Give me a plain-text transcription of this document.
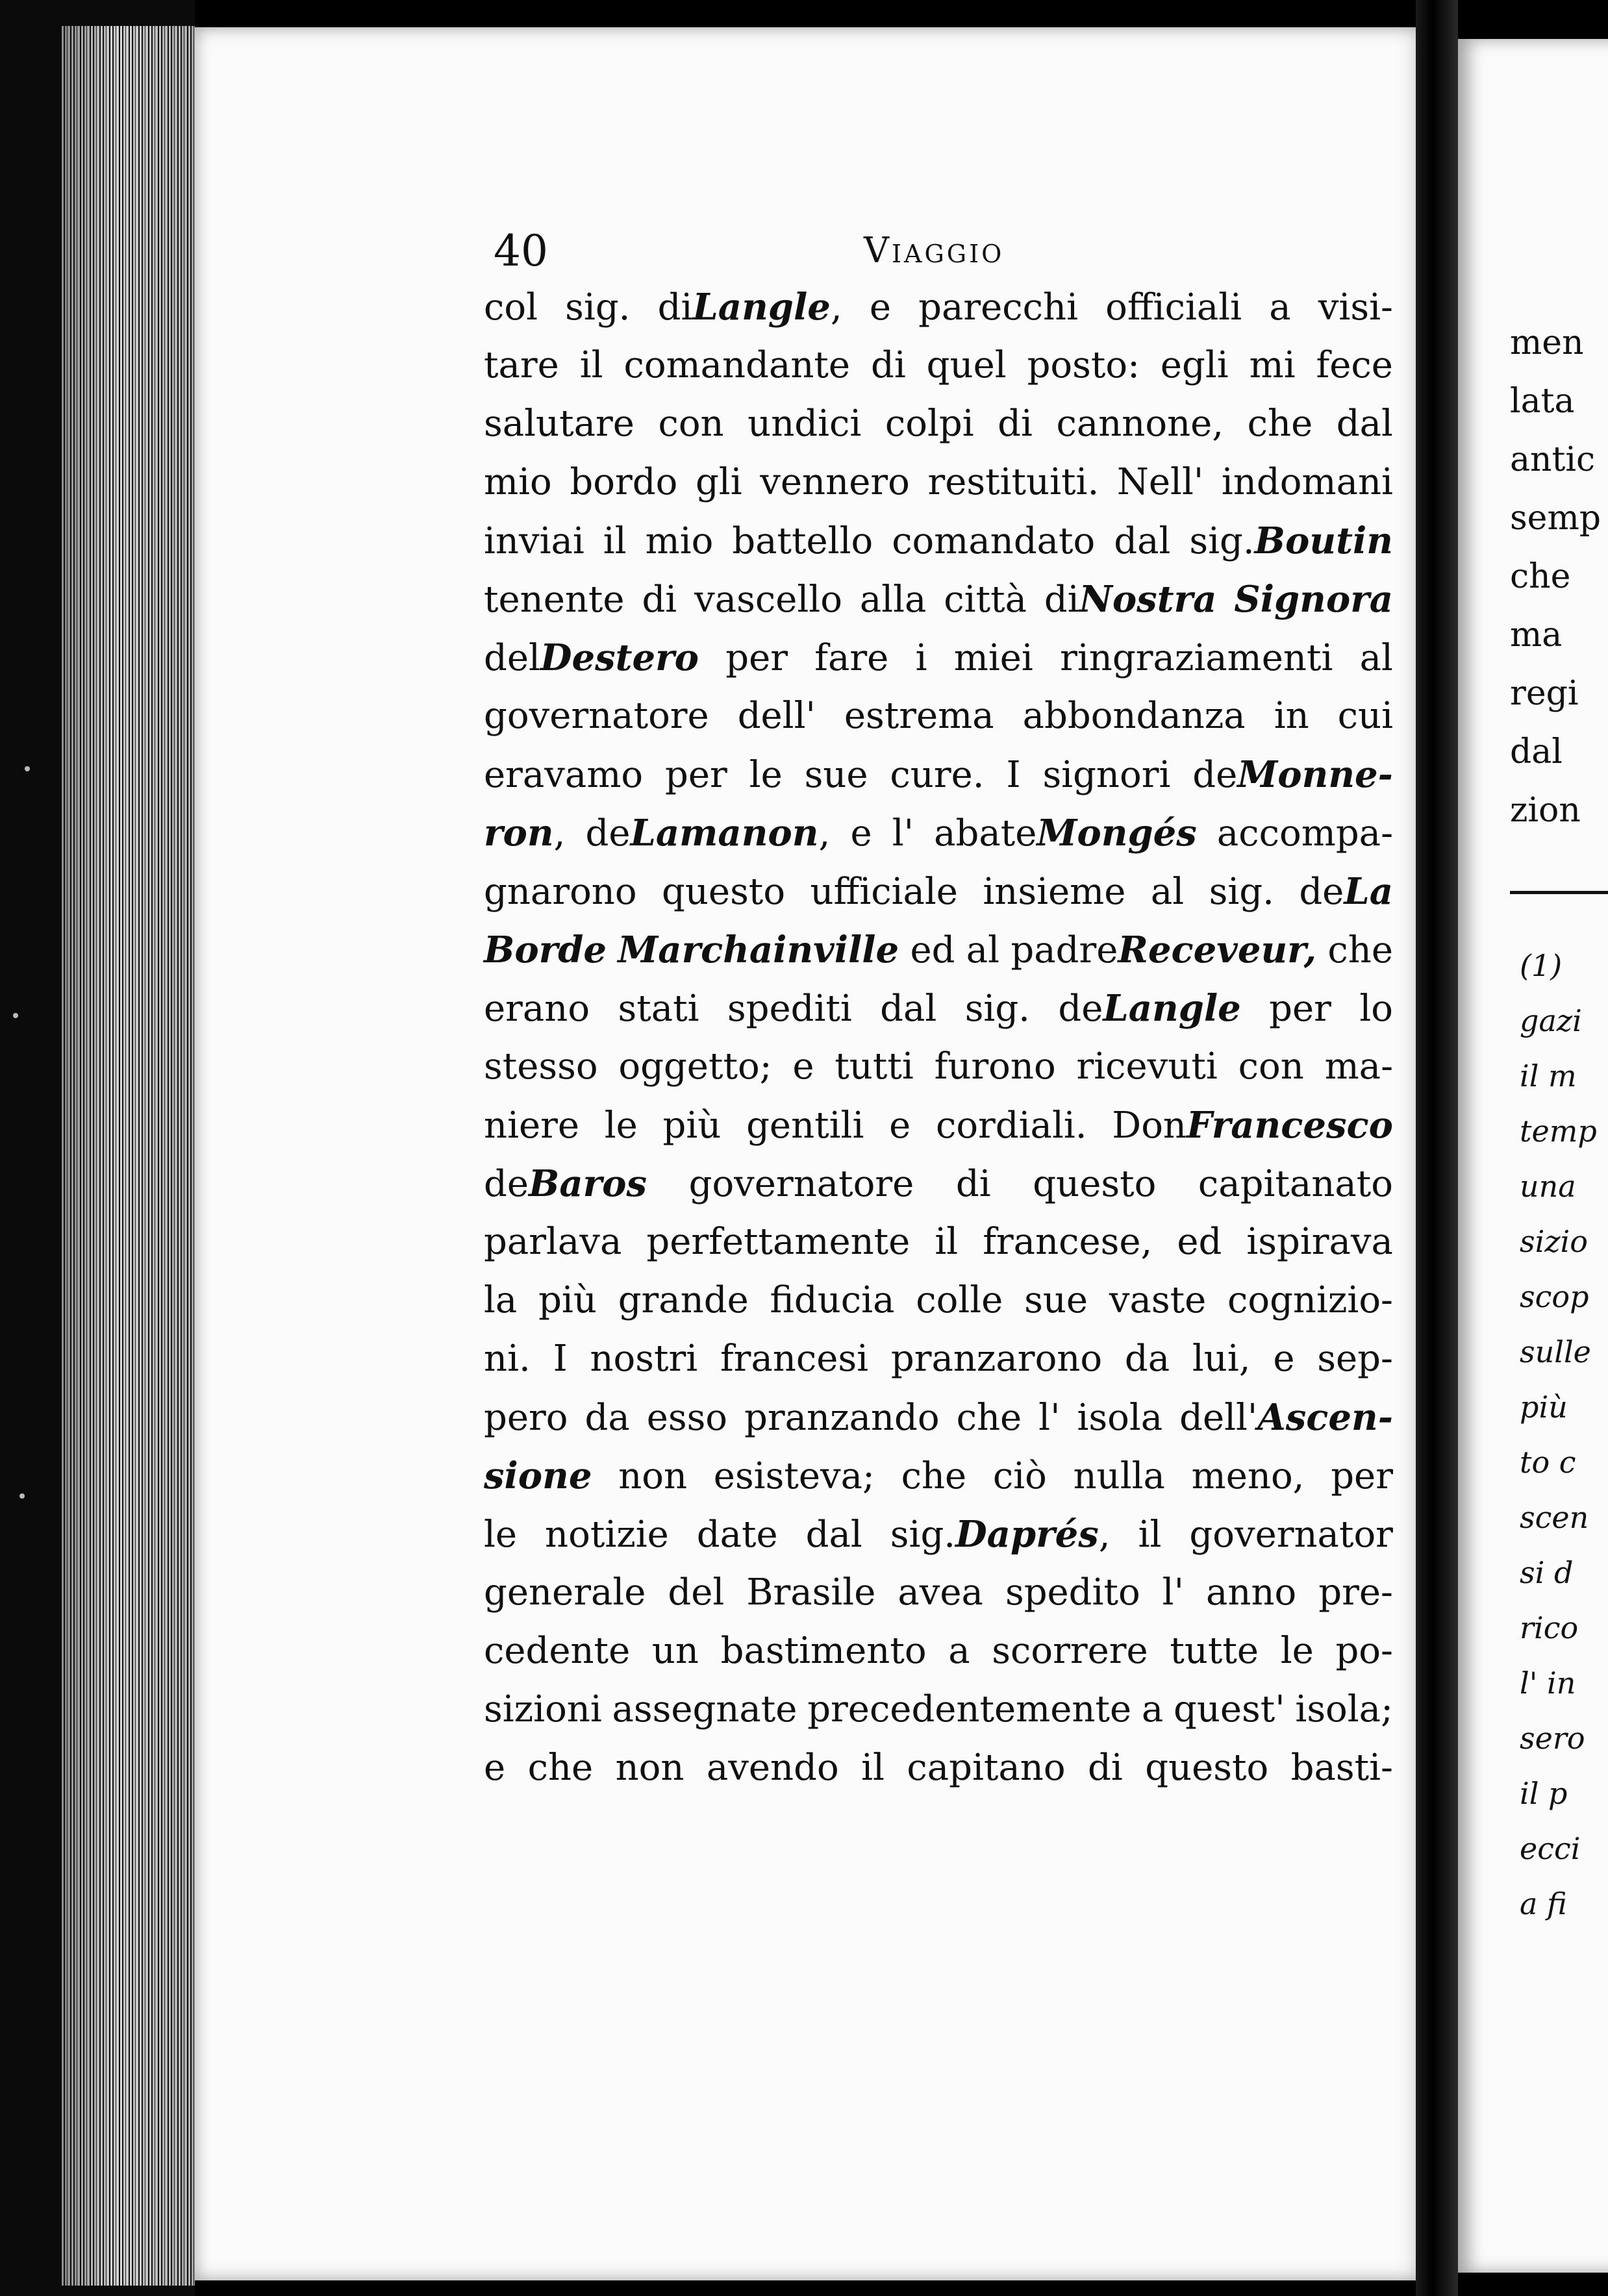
men
lata
antic
semp
che
ma
regi
dal
zion
(1)
gazi
il m
temp
una
sizio
scop
sulle
più
to c
scen
si d
rico
l' in
sero
il p
ecci
a fi
40	Viaggio
col sig. diLangle, e parecchi officiali a visi-
tare il comandante di quel posto: egli mi fece
salutare con undici colpi di cannone, che dal
mio bordo gli vennero restituiti. Nell' indomani
inviai il mio battello comandato dal sig.Boutin
tenente di vascello alla città diNostra Signora
delDestero per fare i miei ringraziamenti al
governatore dell' estrema abbondanza in cui
eravamo per le sue cure. I signori deMonne-
ron, deLamanon, e l' abateMongés accompa-
gnarono questo ufficiale insieme al sig. deLa
Borde Marchainville ed al padreReceveur, che
erano stati spediti dal sig. deLangle per lo
stesso oggetto; e tutti furono ricevuti con ma-
niere le più gentili e cordiali. DonFrancesco
deBaros governatore di questo capitanato
parlava perfettamente il francese, ed ispirava
la più grande fiducia colle sue vaste cognizio-
ni. I nostri francesi pranzarono da lui, e sep-
pero da esso pranzando che l' isola dell'Ascen-
sione non esisteva; che ciò nulla meno, per
le notizie date dal sig.Daprés, il governator
generale del Brasile avea spedito l' anno pre-
cedente un bastimento a scorrere tutte le po-
sizioni assegnate precedentemente a quest' isola;
e che non avendo il capitano di questo basti-
